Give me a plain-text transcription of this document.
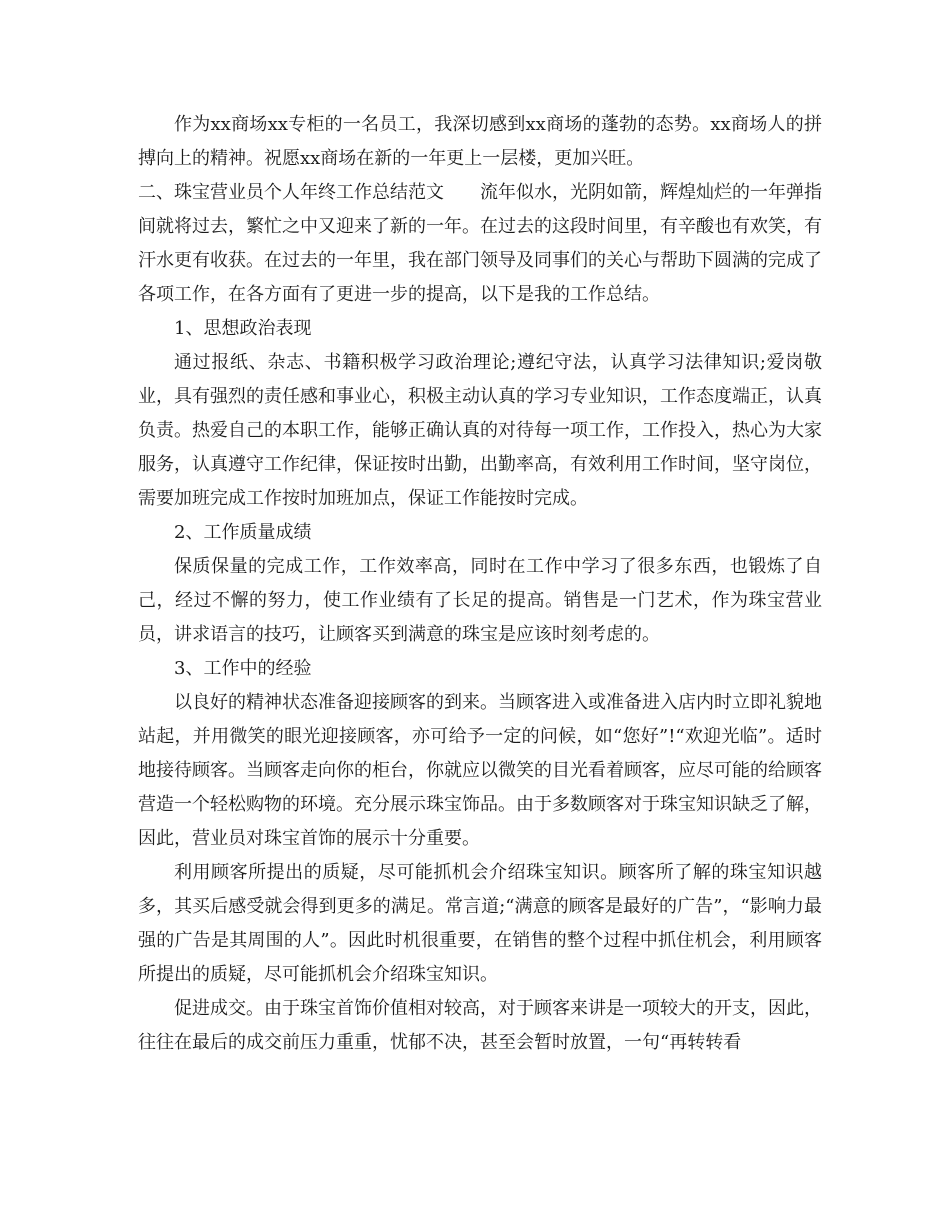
作为xx商场xx专柜的一名员工，我深切感到xx商场的蓬勃的态势。xx商场人的拼搏向上的精神。祝愿xx商场在新的一年更上一层楼，更加兴旺。

二、珠宝营业员个人年终工作总结范文　　流年似水，光阴如箭，辉煌灿烂的一年弹指间就将过去，繁忙之中又迎来了新的一年。在过去的这段时间里，有辛酸也有欢笑，有汗水更有收获。在过去的一年里，我在部门领导及同事们的关心与帮助下圆满的完成了各项工作，在各方面有了更进一步的提高，以下是我的工作总结。

1、思想政治表现

通过报纸、杂志、书籍积极学习政治理论;遵纪守法，认真学习法律知识;爱岗敬业，具有强烈的责任感和事业心，积极主动认真的学习专业知识，工作态度端正，认真负责。热爱自己的本职工作，能够正确认真的对待每一项工作，工作投入，热心为大家服务，认真遵守工作纪律，保证按时出勤，出勤率高，有效利用工作时间，坚守岗位，需要加班完成工作按时加班加点，保证工作能按时完成。

2、工作质量成绩

保质保量的完成工作，工作效率高，同时在工作中学习了很多东西，也锻炼了自己，经过不懈的努力，使工作业绩有了长足的提高。销售是一门艺术，作为珠宝营业员，讲求语言的技巧，让顾客买到满意的珠宝是应该时刻考虑的。

3、工作中的经验

以良好的精神状态准备迎接顾客的到来。当顾客进入或准备进入店内时立即礼貌地站起，并用微笑的眼光迎接顾客，亦可给予一定的问候，如“您好”!“欢迎光临”。适时地接待顾客。当顾客走向你的柜台，你就应以微笑的目光看着顾客，应尽可能的给顾客营造一个轻松购物的环境。充分展示珠宝饰品。由于多数顾客对于珠宝知识缺乏了解，因此，营业员对珠宝首饰的展示十分重要。

利用顾客所提出的质疑，尽可能抓机会介绍珠宝知识。顾客所了解的珠宝知识越多，其买后感受就会得到更多的满足。常言道;“满意的顾客是最好的广告”，“影响力最强的广告是其周围的人”。因此时机很重要，在销售的整个过程中抓住机会，利用顾客所提出的质疑，尽可能抓机会介绍珠宝知识。

促进成交。由于珠宝首饰价值相对较高，对于顾客来讲是一项较大的开支，因此，往往在最后的成交前压力重重，忧郁不决，甚至会暂时放置，一句“再转转看
